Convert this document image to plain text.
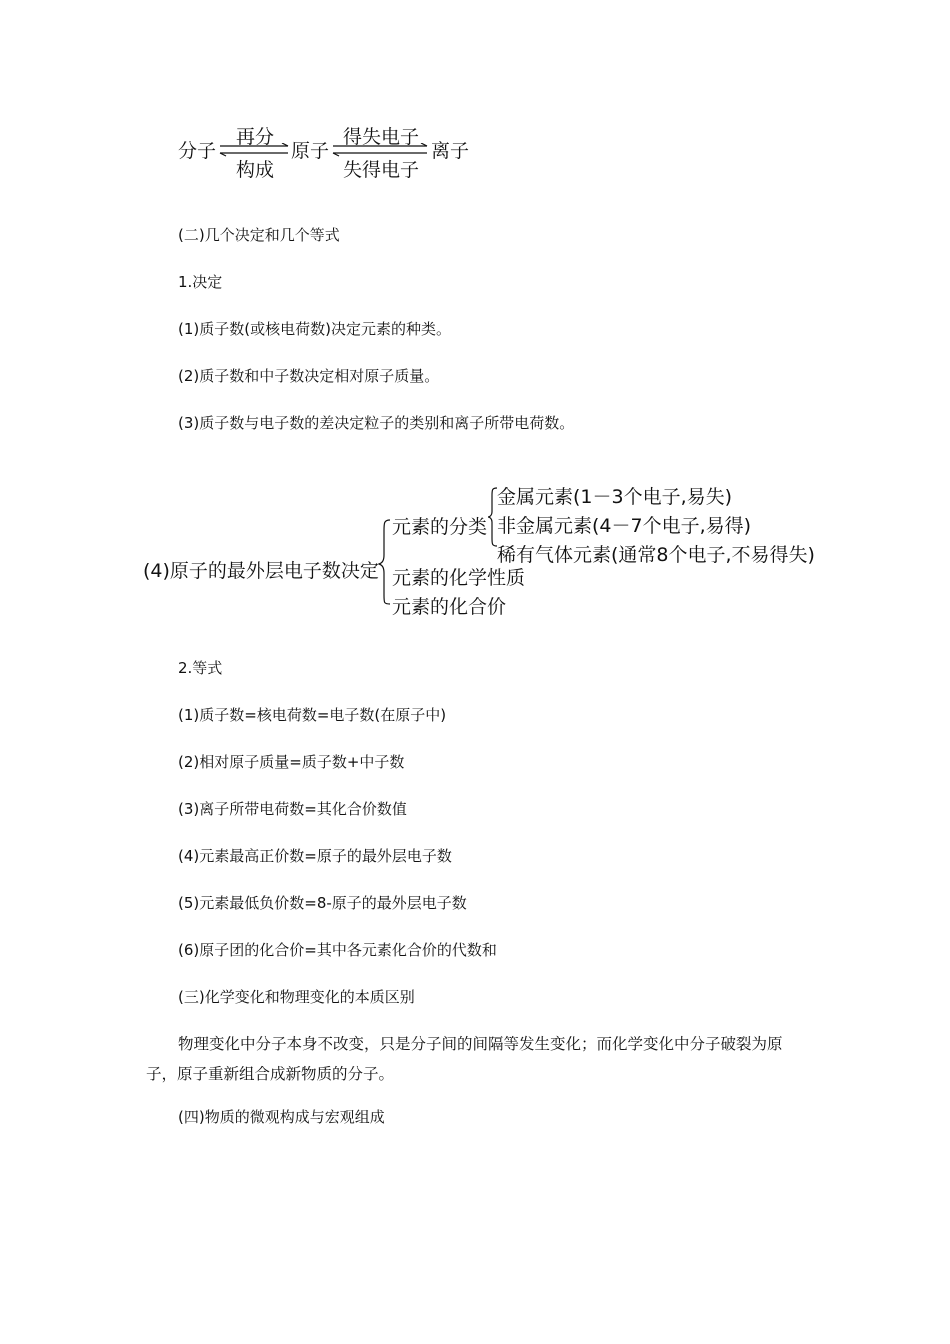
分子
再分
构成
原子
得失电子
失得电子
离子
(二)几个决定和几个等式
1.决定
(1)质子数(或核电荷数)决定元素的种类。
(2)质子数和中子数决定相对原子质量。
(3)质子数与电子数的差决定粒子的类别和离子所带电荷数。
(4)原子的最外层电子数决定
元素的分类
金属元素(1－3个电子,易失)
非金属元素(4－7个电子,易得)
稀有气体元素(通常8个电子,不易得失)
元素的化学性质
元素的化合价
2.等式
(1)质子数=核电荷数=电子数(在原子中)
(2)相对原子质量=质子数+中子数
(3)离子所带电荷数=其化合价数值
(4)元素最高正价数=原子的最外层电子数
(5)元素最低负价数=8-原子的最外层电子数
(6)原子团的化合价=其中各元素化合价的代数和
(三)化学变化和物理变化的本质区别
物理变化中分子本身不改变，只是分子间的间隔等发生变化；而化学变化中分子破裂为原子，原子重新组合成新物质的分子。
(四)物质的微观构成与宏观组成
